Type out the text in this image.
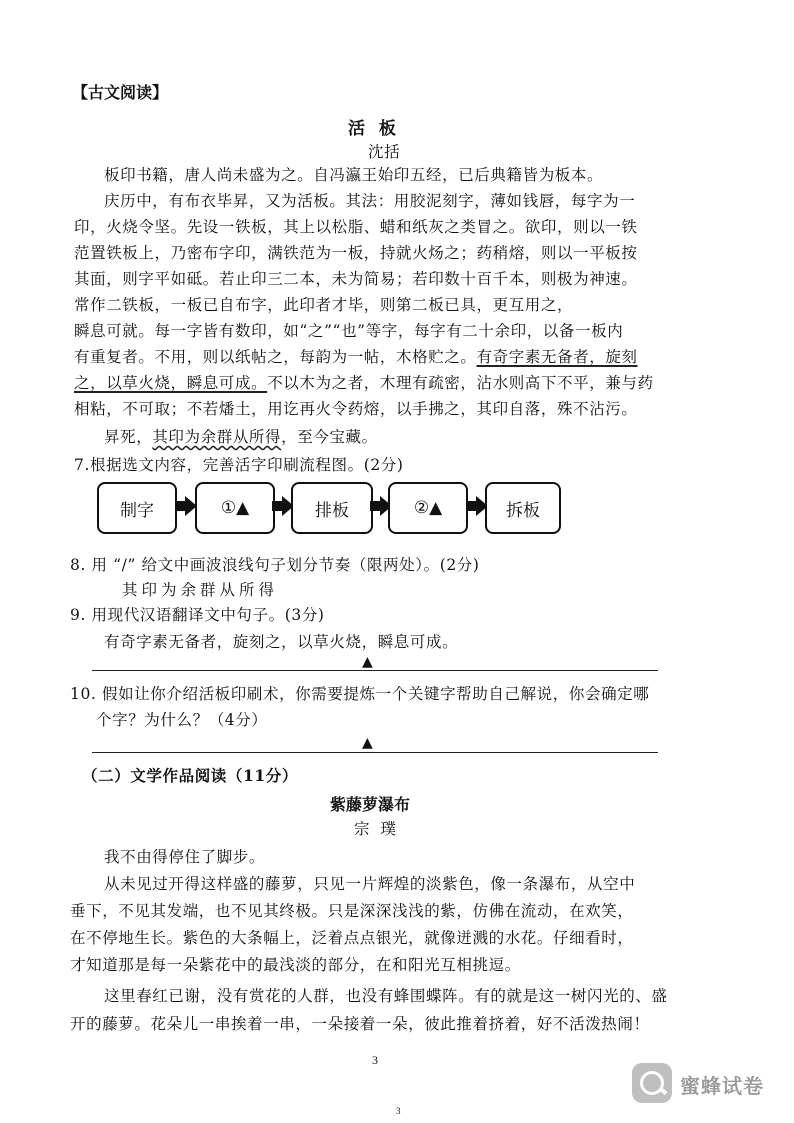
【古文阅读】
活 板
沈括
板印书籍，唐人尚未盛为之。自冯瀛王始印五经，已后典籍皆为板本。
庆历中，有布衣毕昇，又为活板。其法：用胶泥刻字，薄如钱唇，每字为一
印，火烧令坚。先设一铁板，其上以松脂、蜡和纸灰之类冒之。欲印，则以一铁
范置铁板上，乃密布字印，满铁范为一板，持就火炀之；药稍熔，则以一平板按
其面，则字平如砥。若止印三二本，未为简易；若印数十百千本，则极为神速。
常作二铁板，一板已自布字，此印者才毕，则第二板已具，更互用之，
瞬息可就。每一字皆有数印，如“之”“也”等字，每字有二十余印，以备一板内
有重复者。不用，则以纸帖之，每韵为一帖，木格贮之。有奇字素无备者，旋刻
之，以草火烧，瞬息可成。不以木为之者，木理有疏密，沾水则高下不平，兼与药
相粘，不可取；不若燔土，用讫再火令药熔，以手拂之，其印自落，殊不沾污。
昇死，其印为余群从所得，至今宝藏。
7.根据选文内容，完善活字印刷流程图。(2分)
制字	①▲	排板	②▲	拆板
8. 用 “/” 给文中画波浪线句子划分节奏（限两处）。(2分)
其印为余群从所得
9. 用现代汉语翻译文中句子。(3分)
有奇字素无备者，旋刻之，以草火烧，瞬息可成。
▲
10. 假如让你介绍活板印刷术，你需要提炼一个关键字帮助自己解说，你会确定哪
个字？为什么？（4分）
▲
（二）文学作品阅读（11分）
紫藤萝瀑布
宗 璞
我不由得停住了脚步。
从未见过开得这样盛的藤萝，只见一片辉煌的淡紫色，像一条瀑布，从空中
垂下，不见其发端，也不见其终极。只是深深浅浅的紫，仿佛在流动，在欢笑，
在不停地生长。紫色的大条幅上，泛着点点银光，就像迸溅的水花。仔细看时，
才知道那是每一朵紫花中的最浅淡的部分，在和阳光互相挑逗。
这里春红已谢，没有赏花的人群，也没有蜂围蝶阵。有的就是这一树闪光的、盛
开的藤萝。花朵儿一串挨着一串，一朵接着一朵，彼此推着挤着，好不活泼热闹！
3
3
蜜蜂试卷
